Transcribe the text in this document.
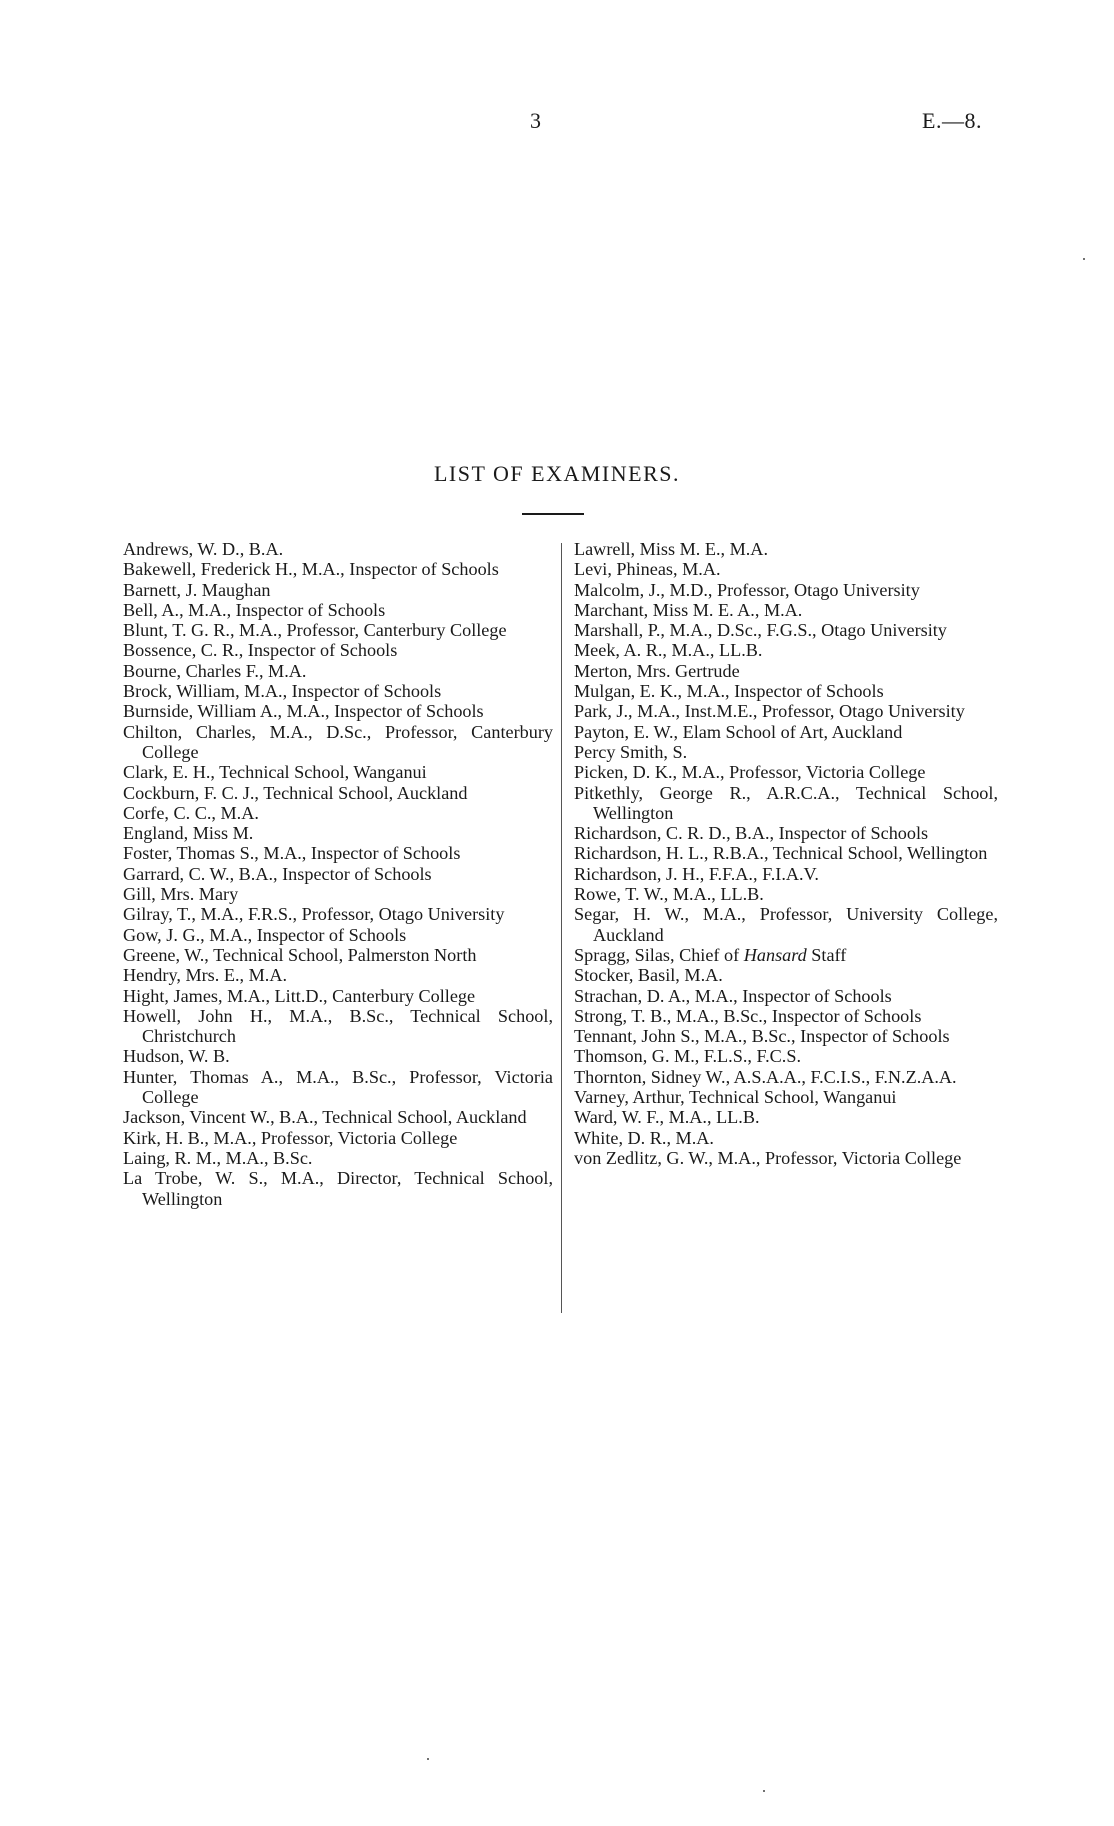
3	E.—8.
LIST OF EXAMINERS.
Andrews, W. D., B.A.
Bakewell, Frederick H., M.A., Inspector of Schools
Barnett, J. Maughan
Bell, A., M.A., Inspector of Schools
Blunt, T. G. R., M.A., Professor, Canterbury College
Bossence, C. R., Inspector of Schools
Bourne, Charles F., M.A.
Brock, William, M.A., Inspector of Schools
Burnside, William A., M.A., Inspector of Schools
Chilton, Charles, M.A., D.Sc., Professor, Canterbury College
Clark, E. H., Technical School, Wanganui
Cockburn, F. C. J., Technical School, Auckland
Corfe, C. C., M.A.
England, Miss M.
Foster, Thomas S., M.A., Inspector of Schools
Garrard, C. W., B.A., Inspector of Schools
Gill, Mrs. Mary
Gilray, T., M.A., F.R.S., Professor, Otago University
Gow, J. G., M.A., Inspector of Schools
Greene, W., Technical School, Palmerston North
Hendry, Mrs. E., M.A.
Hight, James, M.A., Litt.D., Canterbury College
Howell, John H., M.A., B.Sc., Technical School, Christchurch
Hudson, W. B.
Hunter, Thomas A., M.A., B.Sc., Professor, Victoria College
Jackson, Vincent W., B.A., Technical School, Auckland
Kirk, H. B., M.A., Professor, Victoria College
Laing, R. M., M.A., B.Sc.
La Trobe, W. S., M.A., Director, Technical School, Wellington
Lawrell, Miss M. E., M.A.
Levi, Phineas, M.A.
Malcolm, J., M.D., Professor, Otago University
Marchant, Miss M. E. A., M.A.
Marshall, P., M.A., D.Sc., F.G.S., Otago University
Meek, A. R., M.A., LL.B.
Merton, Mrs. Gertrude
Mulgan, E. K., M.A., Inspector of Schools
Park, J., M.A., Inst.M.E., Professor, Otago University
Payton, E. W., Elam School of Art, Auckland
Percy Smith, S.
Picken, D. K., M.A., Professor, Victoria College
Pitkethly, George R., A.R.C.A., Technical School, Wellington
Richardson, C. R. D., B.A., Inspector of Schools
Richardson, H. L., R.B.A., Technical School, Wellington
Richardson, J. H., F.F.A., F.I.A.V.
Rowe, T. W., M.A., LL.B.
Segar, H. W., M.A., Professor, University College, Auckland
Spragg, Silas, Chief of Hansard Staff
Stocker, Basil, M.A.
Strachan, D. A., M.A., Inspector of Schools
Strong, T. B., M.A., B.Sc., Inspector of Schools
Tennant, John S., M.A., B.Sc., Inspector of Schools
Thomson, G. M., F.L.S., F.C.S.
Thornton, Sidney W., A.S.A.A., F.C.I.S., F.N.Z.A.A.
Varney, Arthur, Technical School, Wanganui
Ward, W. F., M.A., LL.B.
White, D. R., M.A.
von Zedlitz, G. W., M.A., Professor, Victoria College
